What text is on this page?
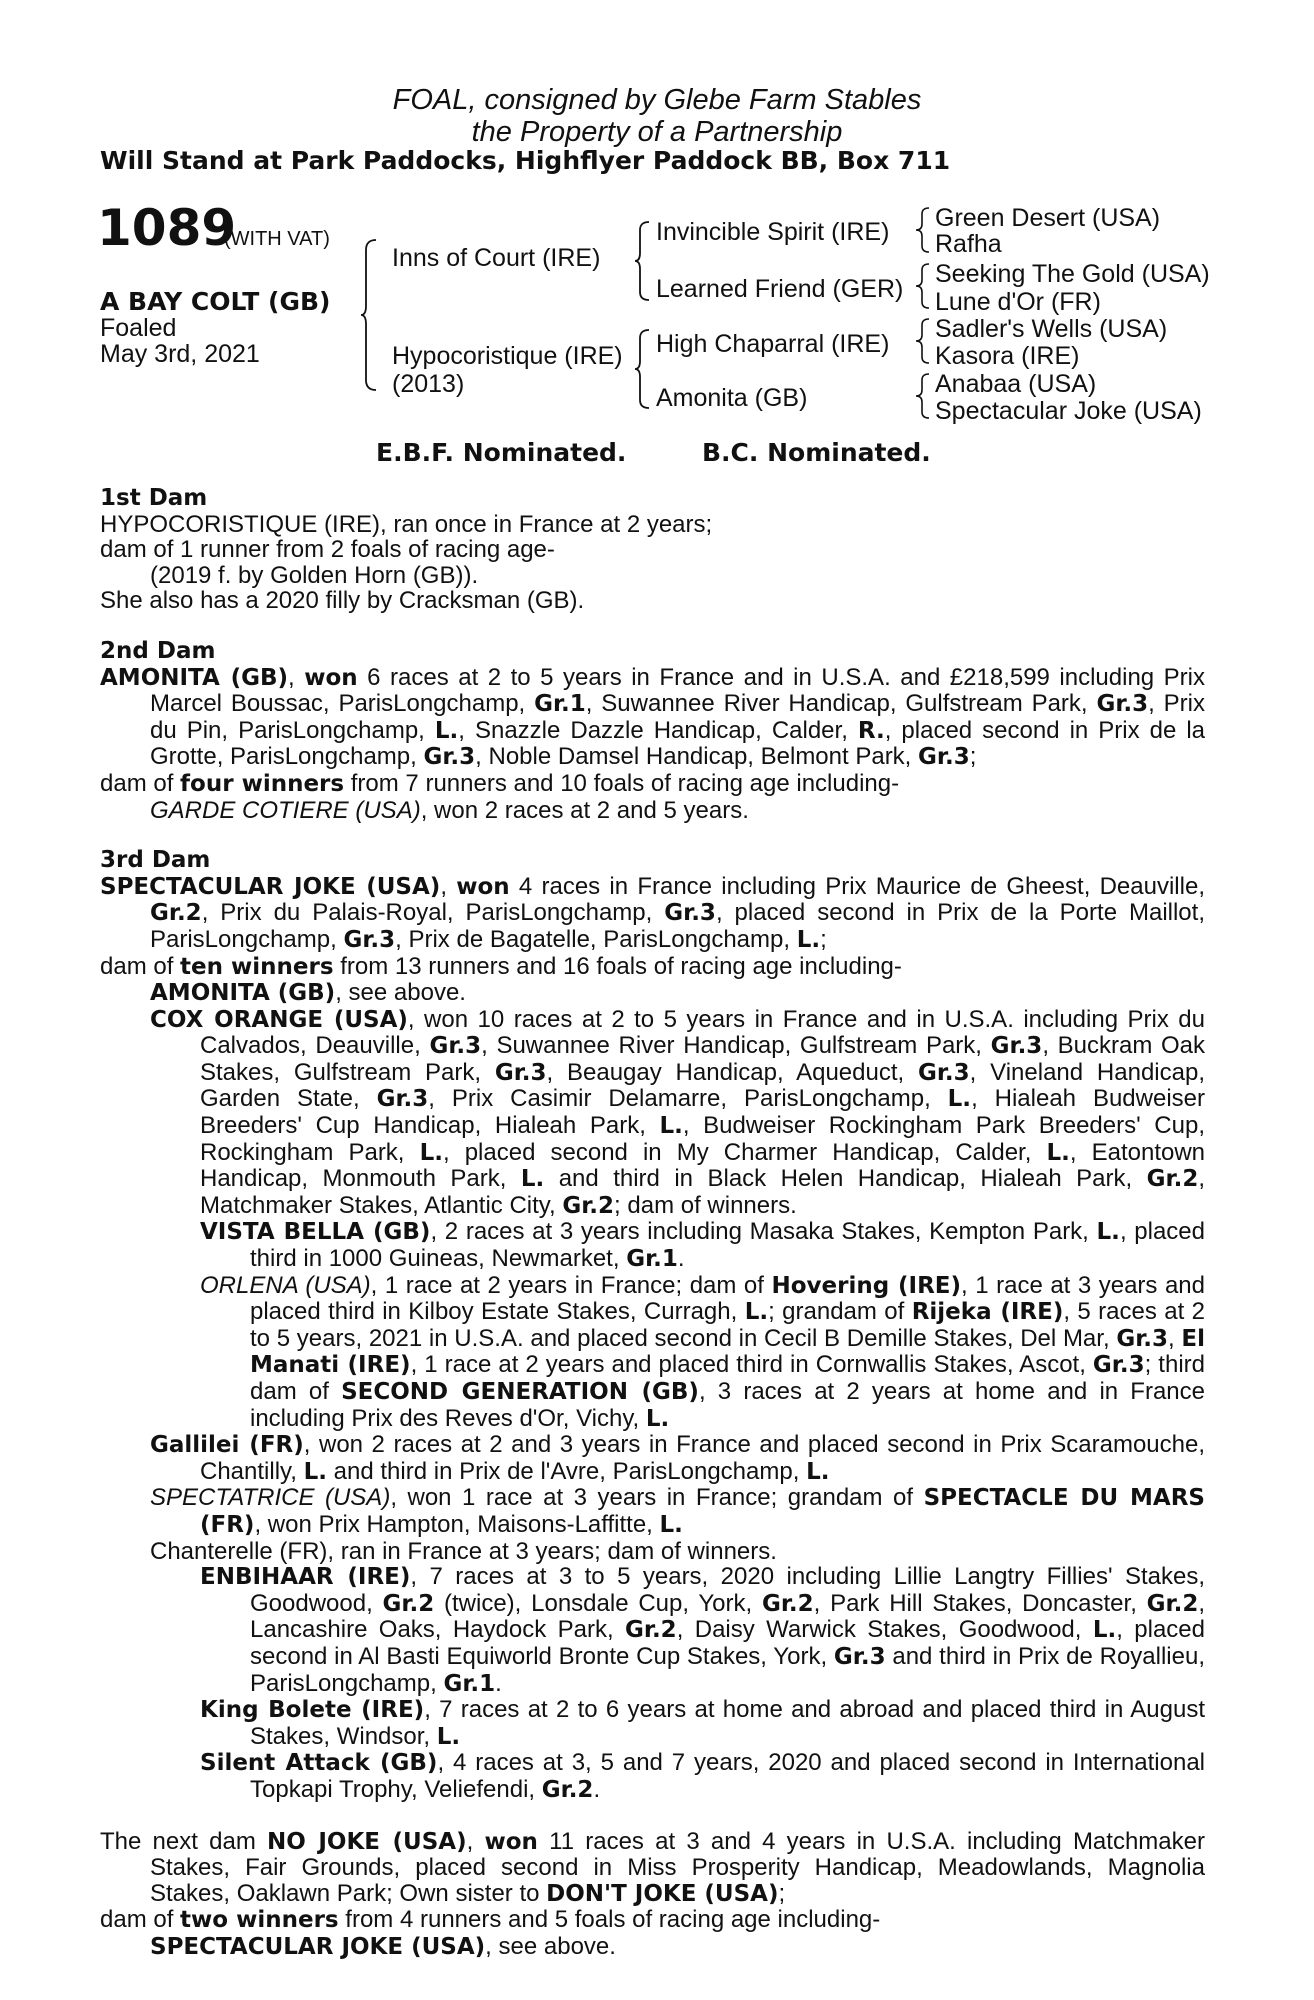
FOAL, consigned by Glebe Farm Stables
the Property of a Partnership
Will Stand at Park Paddocks, Highflyer Paddock BB, Box 711
1089
(WITH VAT)
A BAY COLT (GB)
Foaled
May 3rd, 2021
Inns of Court (IRE)
Hypocoristique (IRE)
(2013)
Invincible Spirit (IRE)
Learned Friend (GER)
High Chaparral (IRE)
Amonita (GB)
Green Desert (USA)
Rafha
Seeking The Gold (USA)
Lune d'Or (FR)
Sadler's Wells (USA)
Kasora (IRE)
Anabaa (USA)
Spectacular Joke (USA)
E.B.F. Nominated.	B.C. Nominated.
1st Dam
HYPOCORISTIQUE (IRE), ran once in France at 2 years;
dam of 1 runner from 2 foals of racing age-
(2019 f. by Golden Horn (GB)).
She also has a 2020 filly by Cracksman (GB).
2nd Dam
AMONITA (GB), won 6 races at 2 to 5 years in France and in U.S.A. and £218,599 including Prix Marcel Boussac, ParisLongchamp, Gr.1, Suwannee River Handicap, Gulfstream Park, Gr.3, Prix du Pin, ParisLongchamp, L., Snazzle Dazzle Handicap, Calder, R., placed second in Prix de la Grotte, ParisLongchamp, Gr.3, Noble Damsel Handicap, Belmont Park, Gr.3;
dam of four winners from 7 runners and 10 foals of racing age including-
GARDE COTIERE (USA), won 2 races at 2 and 5 years.
3rd Dam
SPECTACULAR JOKE (USA), won 4 races in France including Prix Maurice de Gheest, Deauville, Gr.2, Prix du Palais-Royal, ParisLongchamp, Gr.3, placed second in Prix de la Porte Maillot, ParisLongchamp, Gr.3, Prix de Bagatelle, ParisLongchamp, L.;
dam of ten winners from 13 runners and 16 foals of racing age including-
AMONITA (GB), see above.
COX ORANGE (USA), won 10 races at 2 to 5 years in France and in U.S.A. including Prix du Calvados, Deauville, Gr.3, Suwannee River Handicap, Gulfstream Park, Gr.3, Buckram Oak Stakes, Gulfstream Park, Gr.3, Beaugay Handicap, Aqueduct, Gr.3, Vineland Handicap, Garden State, Gr.3, Prix Casimir Delamarre, ParisLongchamp, L., Hialeah Budweiser Breeders' Cup Handicap, Hialeah Park, L., Budweiser Rockingham Park Breeders' Cup, Rockingham Park, L., placed second in My Charmer Handicap, Calder, L., Eatontown Handicap, Monmouth Park, L. and third in Black Helen Handicap, Hialeah Park, Gr.2, Matchmaker Stakes, Atlantic City, Gr.2; dam of winners.
VISTA BELLA (GB), 2 races at 3 years including Masaka Stakes, Kempton Park, L., placed third in 1000 Guineas, Newmarket, Gr.1.
ORLENA (USA), 1 race at 2 years in France; dam of Hovering (IRE), 1 race at 3 years and placed third in Kilboy Estate Stakes, Curragh, L.; grandam of Rijeka (IRE), 5 races at 2 to 5 years, 2021 in U.S.A. and placed second in Cecil B Demille Stakes, Del Mar, Gr.3, El Manati (IRE), 1 race at 2 years and placed third in Cornwallis Stakes, Ascot, Gr.3; third dam of SECOND GENERATION (GB), 3 races at 2 years at home and in France including Prix des Reves d'Or, Vichy, L.
Gallilei (FR), won 2 races at 2 and 3 years in France and placed second in Prix Scaramouche, Chantilly, L. and third in Prix de l'Avre, ParisLongchamp, L.
SPECTATRICE (USA), won 1 race at 3 years in France; grandam of SPECTACLE DU MARS (FR), won Prix Hampton, Maisons-Laffitte, L.
Chanterelle (FR), ran in France at 3 years; dam of winners.
ENBIHAAR (IRE), 7 races at 3 to 5 years, 2020 including Lillie Langtry Fillies' Stakes, Goodwood, Gr.2 (twice), Lonsdale Cup, York, Gr.2, Park Hill Stakes, Doncaster, Gr.2, Lancashire Oaks, Haydock Park, Gr.2, Daisy Warwick Stakes, Goodwood, L., placed second in Al Basti Equiworld Bronte Cup Stakes, York, Gr.3 and third in Prix de Royallieu, ParisLongchamp, Gr.1.
King Bolete (IRE), 7 races at 2 to 6 years at home and abroad and placed third in August Stakes, Windsor, L.
Silent Attack (GB), 4 races at 3, 5 and 7 years, 2020 and placed second in International Topkapi Trophy, Veliefendi, Gr.2.
The next dam NO JOKE (USA), won 11 races at 3 and 4 years in U.S.A. including Matchmaker Stakes, Fair Grounds, placed second in Miss Prosperity Handicap, Meadowlands, Magnolia Stakes, Oaklawn Park; Own sister to DON'T JOKE (USA);
dam of two winners from 4 runners and 5 foals of racing age including-
SPECTACULAR JOKE (USA), see above.
